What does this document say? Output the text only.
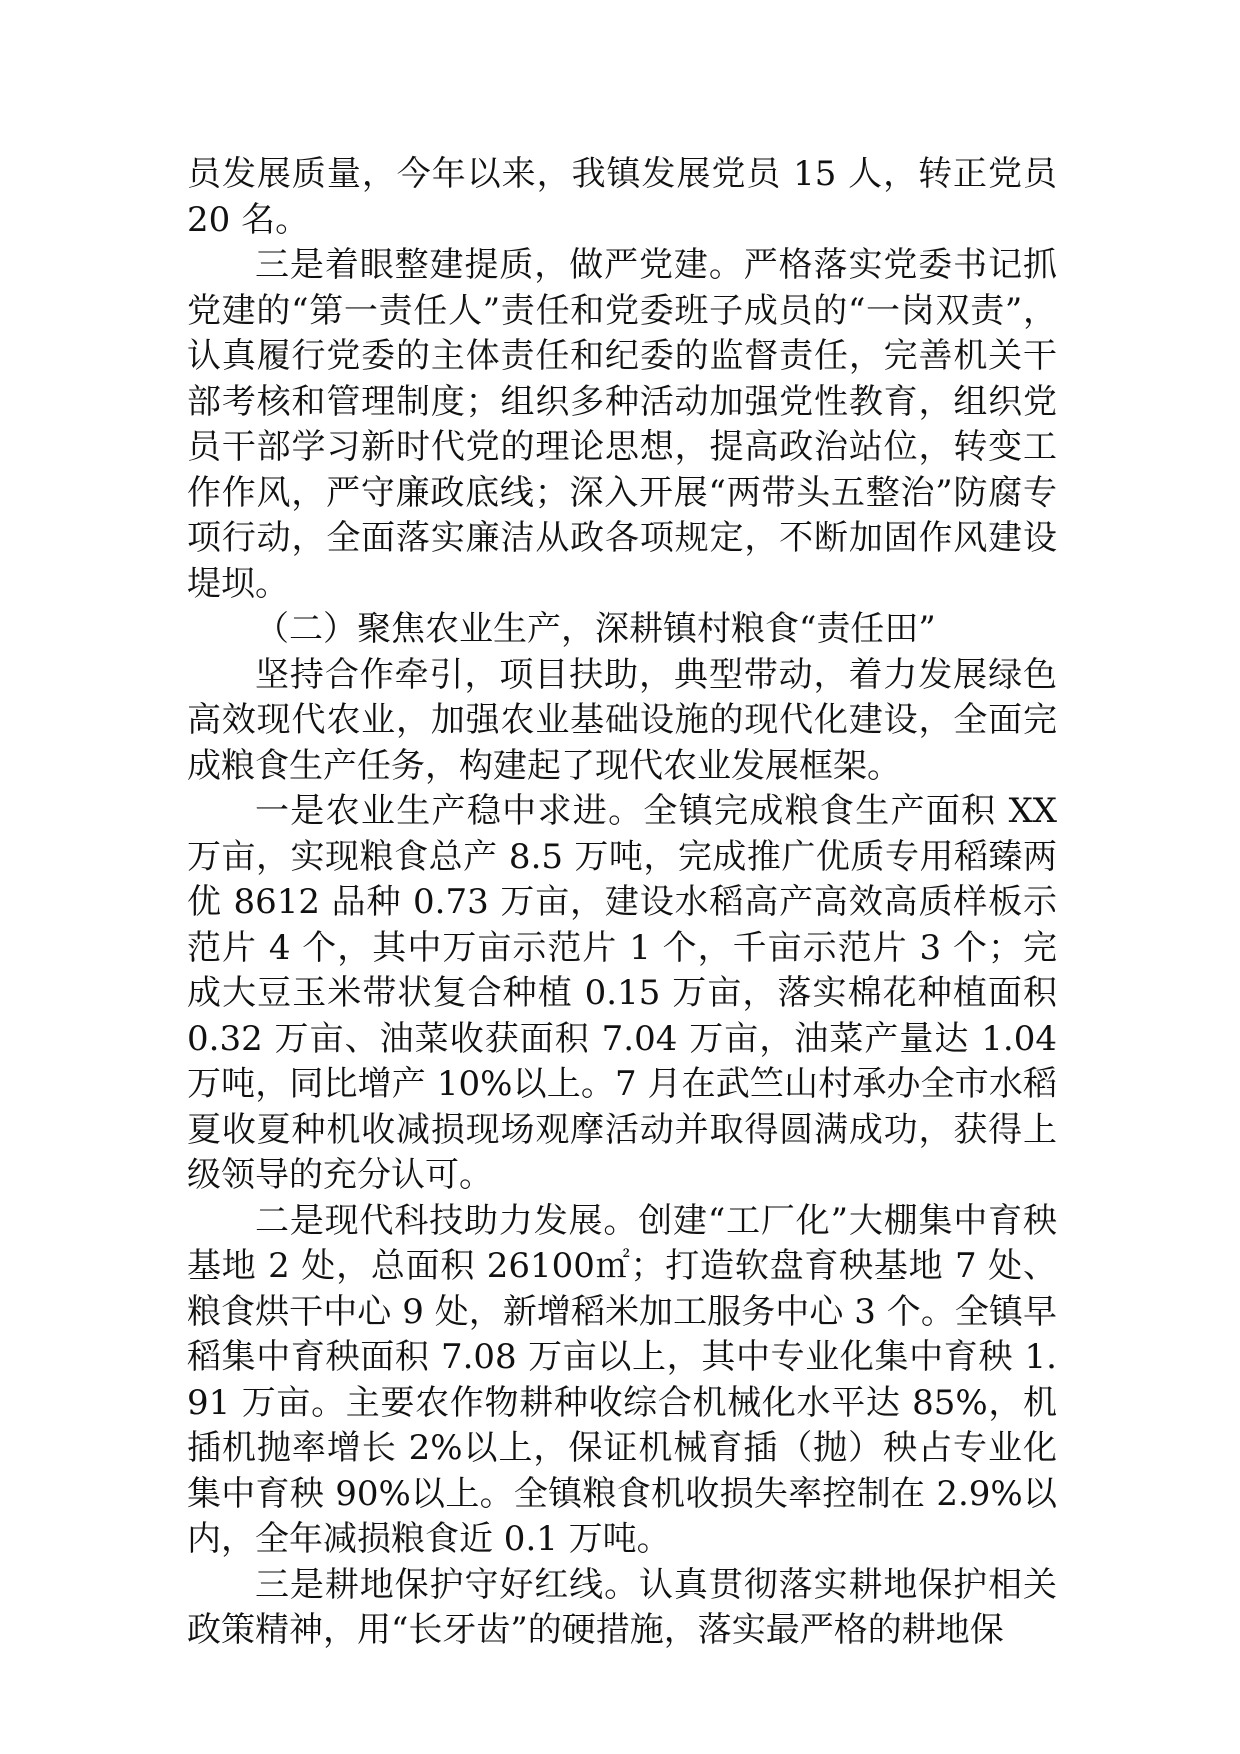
员发展质量，今年以来，我镇发展党员 15 人，转正党员 20 名。

三是着眼整建提质，做严党建。严格落实党委书记抓党建的“第一责任人”责任和党委班子成员的“一岗双责”，认真履行党委的主体责任和纪委的监督责任，完善机关干部考核和管理制度；组织多种活动加强党性教育，组织党员干部学习新时代党的理论思想，提高政治站位，转变工作作风，严守廉政底线；深入开展“两带头五整治”防腐专项行动，全面落实廉洁从政各项规定，不断加固作风建设堤坝。

（二）聚焦农业生产，深耕镇村粮食“责任田”

坚持合作牵引，项目扶助，典型带动，着力发展绿色高效现代农业，加强农业基础设施的现代化建设，全面完成粮食生产任务，构建起了现代农业发展框架。

一是农业生产稳中求进。全镇完成粮食生产面积 XX 万亩，实现粮食总产 8.5 万吨，完成推广优质专用稻臻两优 8612 品种 0.73 万亩，建设水稻高产高效高质样板示范片 4 个，其中万亩示范片 1 个，千亩示范片 3 个；完成大豆玉米带状复合种植 0.15 万亩，落实棉花种植面积 0.32 万亩、油菜收获面积 7.04 万亩，油菜产量达 1.04 万吨，同比增产 10%以上。7 月在武竺山村承办全市水稻夏收夏种机收减损现场观摩活动并取得圆满成功，获得上级领导的充分认可。

二是现代科技助力发展。创建“工厂化”大棚集中育秧基地 2 处，总面积 26100㎡；打造软盘育秧基地 7 处、粮食烘干中心 9 处，新增稻米加工服务中心 3 个。全镇早稻集中育秧面积 7.08 万亩以上，其中专业化集中育秧 1.91 万亩。主要农作物耕种收综合机械化水平达 85%，机插机抛率增长 2%以上，保证机械育插（抛）秧占专业化集中育秧 90%以上。全镇粮食机收损失率控制在 2.9%以内，全年减损粮食近 0.1 万吨。

三是耕地保护守好红线。认真贯彻落实耕地保护相关政策精神，用“长牙齿”的硬措施，落实最严格的耕地保
